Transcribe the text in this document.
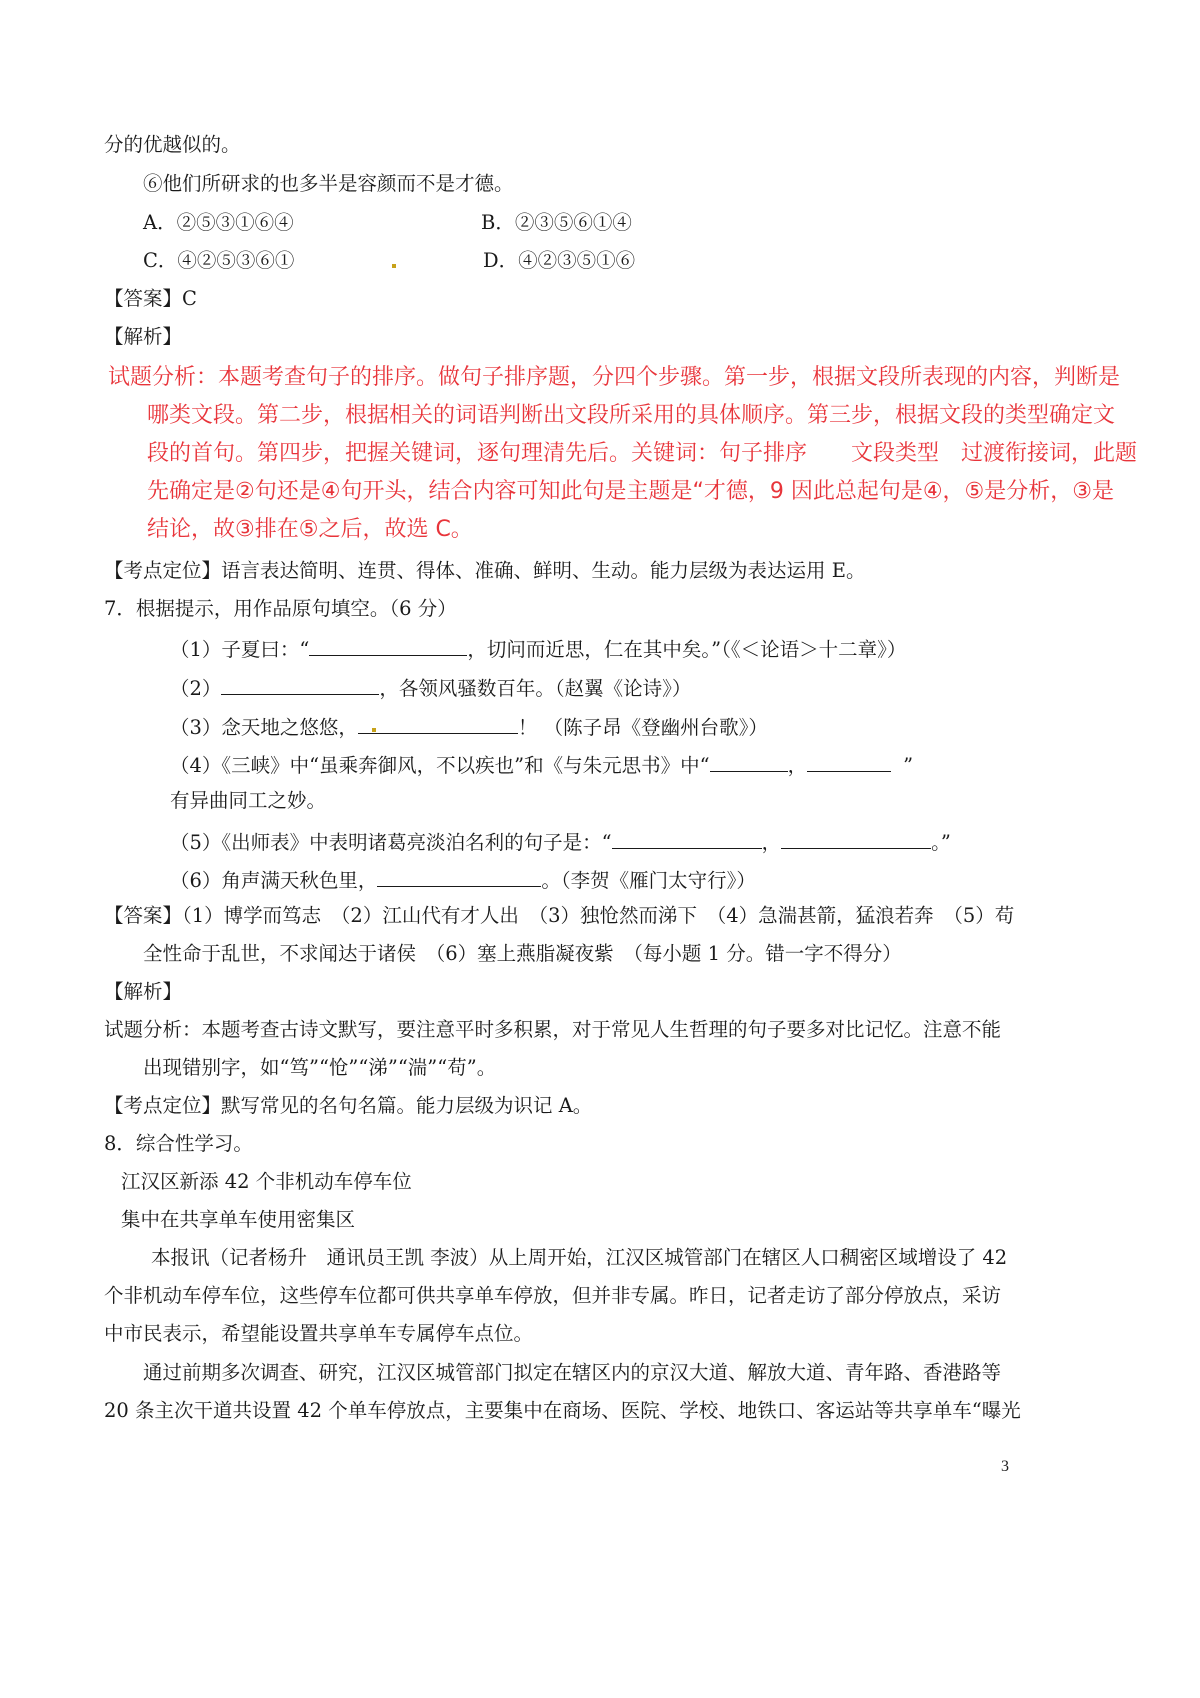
分的优越似的。
⑥他们所研求的也多半是容颜而不是才德。
A．②⑤③①⑥④	B．②③⑤⑥①④
C．④②⑤③⑥①	D．④②③⑤①⑥
【答案】C
【解析】
试题分析：本题考查句子的排序。做句子排序题，分四个步骤。第一步，根据文段所表现的内容，判断是
哪类文段。第二步，根据相关的词语判断出文段所采用的具体顺序。第三步，根据文段的类型确定文
段的首句。第四步，把握关键词，逐句理清先后。关键词：句子排序　　文段类型　过渡衔接词，此题
先确定是②句还是④句开头，结合内容可知此句是主题是“才德，9 因此总起句是④，⑤是分析，③是
结论，故③排在⑤之后，故选 C。
【考点定位】语言表达简明、连贯、得体、准确、鲜明、生动。能力层级为表达运用 E。
7．根据提示，用作品原句填空。（6 分）
（1）子夏曰：“	，切问而近思，仁在其中矣。”（《＜论语＞十二章》）
（2）	，各领风骚数百年。（赵翼《论诗》）
（3）念天地之悠悠，	！ （陈子昂《登幽州台歌》）
（4）《三峡》中“虽乘奔御风，不以疾也”和《与朱元思书》中“	，	”
有异曲同工之妙。
（5）《出师表》中表明诸葛亮淡泊名利的句子是：“	，	。”
（6）角声满天秋色里，	。（李贺《雁门太守行》）
【答案】（1）博学而笃志　（2）江山代有才人出　（3）独怆然而涕下　（4）急湍甚箭，猛浪若奔　（5）苟
全性命于乱世，不求闻达于诸侯　（6）塞上燕脂凝夜紫　（每小题 1 分。错一字不得分）
【解析】
试题分析：本题考查古诗文默写，要注意平时多积累，对于常见人生哲理的句子要多对比记忆。注意不能
出现错别字，如“笃”“怆”“涕”“湍”“苟”。
【考点定位】默写常见的名句名篇。能力层级为识记 A。
8．综合性学习。
江汉区新添 42 个非机动车停车位
集中在共享单车使用密集区
本报讯（记者杨升　通讯员王凯 李波）从上周开始，江汉区城管部门在辖区人口稠密区域增设了 42
个非机动车停车位，这些停车位都可供共享单车停放，但并非专属。昨日，记者走访了部分停放点，采访
中市民表示，希望能设置共享单车专属停车点位。
通过前期多次调查、研究，江汉区城管部门拟定在辖区内的京汉大道、解放大道、青年路、香港路等
20 条主次干道共设置 42 个单车停放点，主要集中在商场、医院、学校、地铁口、客运站等共享单车“曝光
3
